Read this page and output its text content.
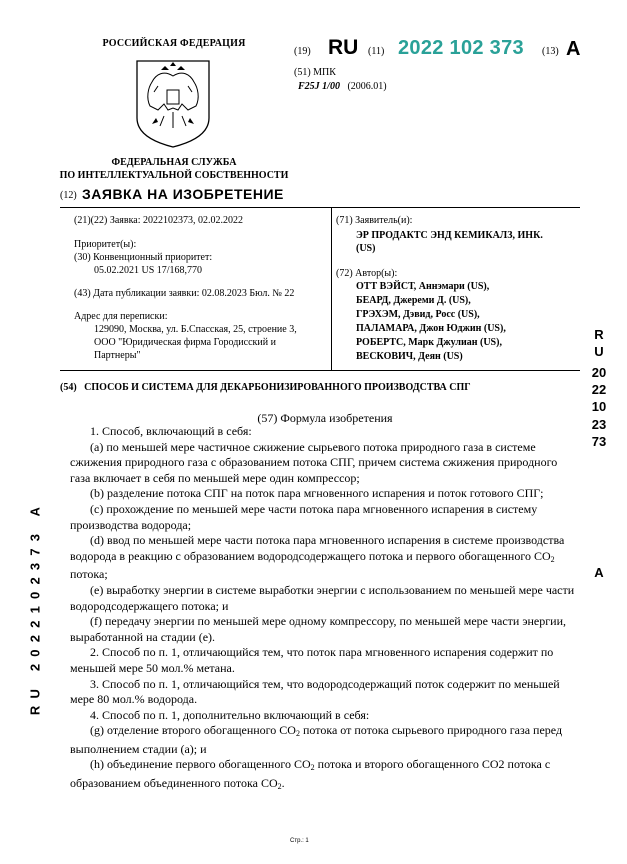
РОССИЙСКАЯ ФЕДЕРАЦИЯ
ФЕДЕРАЛЬНАЯ СЛУЖБА
ПО ИНТЕЛЛЕКТУАЛЬНОЙ СОБСТВЕННОСТИ
(19) RU (11) 2022 102 373 (13) A
(51) МПК
F25J 1/00 (2006.01)
(12) ЗАЯВКА НА ИЗОБРЕТЕНИЕ
(21)(22) Заявка: 2022102373, 02.02.2022
Приоритет(ы):
(30) Конвенционный приоритет:
05.02.2021 US 17/168,770
(43) Дата публикации заявки: 02.08.2023 Бюл. № 22
Адрес для переписки:
129090, Москва, ул. Б.Спасская, 25, строение 3,
ООО "Юридическая фирма Городисский и
Партнеры"
(71) Заявитель(и):
ЭР ПРОДАКТС ЭНД КЕМИКАЛЗ, ИНК.
(US)
(72) Автор(ы):
ОТТ ВЭЙСТ, Аннэмари (US),
БЕАРД, Джереми Д. (US),
ГРЭХЭМ, Дэвид, Росс (US),
ПАЛАМАРА, Джон Юджин (US),
РОБЕРТС, Марк Джулиан (US),
ВЕСКОВИЧ, Деян (US)
(54) СПОСОБ И СИСТЕМА ДЛЯ ДЕКАРБОНИЗИРОВАННОГО ПРОИЗВОДСТВА СПГ
(57) Формула изобретения

1. Способ, включающий в себя:

(a) по меньшей мере частичное сжижение сырьевого потока природного газа в системе сжижения природного газа с образованием потока СПГ, причем система сжижения природного газа включает в себя по меньшей мере один компрессор;

(b) разделение потока СПГ на поток пара мгновенного испарения и поток готового СПГ;

(c) прохождение по меньшей мере части потока пара мгновенного испарения в систему производства водорода;

(d) ввод по меньшей мере части потока пара мгновенного испарения в системе производства водорода в реакцию с образованием водородсодержащего потока и первого обогащенного $CO_2$ потока;

(e) выработку энергии в системе выработки энергии с использованием по меньшей мере части водородсодержащего потока; и

(f) передачу энергии по меньшей мере одному компрессору, по меньшей мере части энергии, выработанной на стадии (e).

2. Способ по п. 1, отличающийся тем, что поток пара мгновенного испарения содержит по меньшей мере 50 мол.% метана.

3. Способ по п. 1, отличающийся тем, что водородсодержащий поток содержит по меньшей мере 80 мол.% водорода.

4. Способ по п. 1, дополнительно включающий в себя:

(g) отделение второго обогащенного $CO_2$ потока от потока сырьевого природного газа перед выполнением стадии (a); и

(h) объединение первого обогащенного $CO_2$ потока и второго обогащенного CO2 потока с образованием объединенного потока $CO_2$.

RU
2022102373
A
RU 2022102373 A
Стр.: 1
